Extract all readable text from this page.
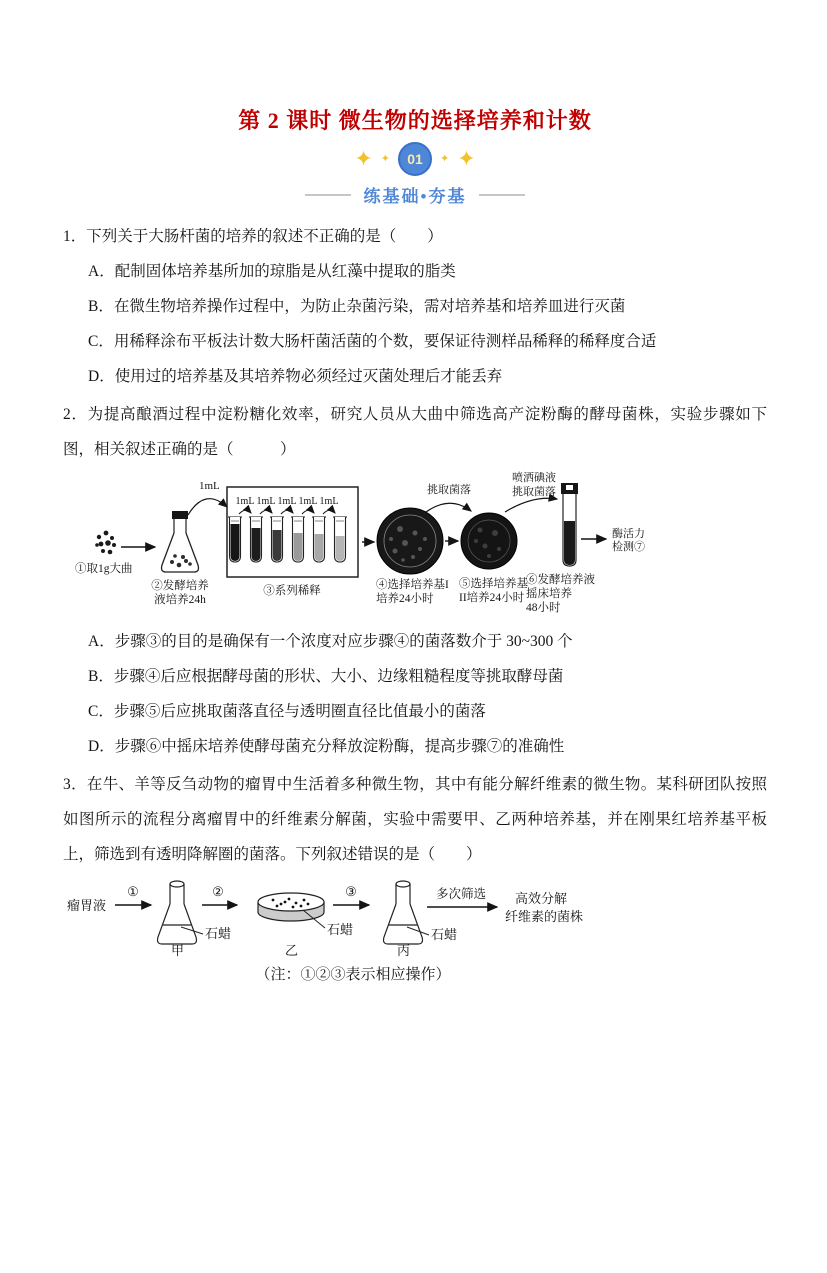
第 2 课时 微生物的选择培养和计数
✦ ✦	01	✦ ✦
练基础•夯基
1．下列关于大肠杆菌的培养的叙述不正确的是（　　）
A．配制固体培养基所加的琼脂是从红藻中提取的脂类
B．在微生物培养操作过程中，为防止杂菌污染，需对培养基和培养皿进行灭菌
C．用稀释涂布平板法计数大肠杆菌活菌的个数，要保证待测样品稀释的稀释度合适
D．使用过的培养基及其培养物必须经过灭菌处理后才能丢弃
2．为提高酿酒过程中淀粉糖化效率，研究人员从大曲中筛选高产淀粉酶的酵母菌株，实验步骤如下图，相关叙述正确的是（　　　）
①取1g大曲
②发酵培养
液培养24h
1mL
1mL 1mL 1mL 1mL 1mL
③系列稀释	④选择培养基I
培养24小时
挑取菌落
⑤选择培养基
II培养24小时
喷洒碘液
挑取菌落
⑥发酵培养液
摇床培养
48小时
酶活力
检测⑦
A．步骤③的目的是确保有一个浓度对应步骤④的菌落数介于 30~300 个
B．步骤④后应根据酵母菌的形状、大小、边缘粗糙程度等挑取酵母菌
C．步骤⑤后应挑取菌落直径与透明圈直径比值最小的菌落
D．步骤⑥中摇床培养使酵母菌充分释放淀粉酶，提高步骤⑦的准确性
3．在牛、羊等反刍动物的瘤胃中生活着多种微生物，其中有能分解纤维素的微生物。某科研团队按照如图所示的流程分离瘤胃中的纤维素分解菌，实验中需要甲、乙两种培养基，并在刚果红培养基平板上，筛选到有透明降解圈的菌落。下列叙述错误的是（　　）
瘤胃液
①
石蜡
甲
②
石蜡
乙
③
石蜡
丙
多次筛选 高效分解
纤维素的菌株
（注：①②③表示相应操作）
